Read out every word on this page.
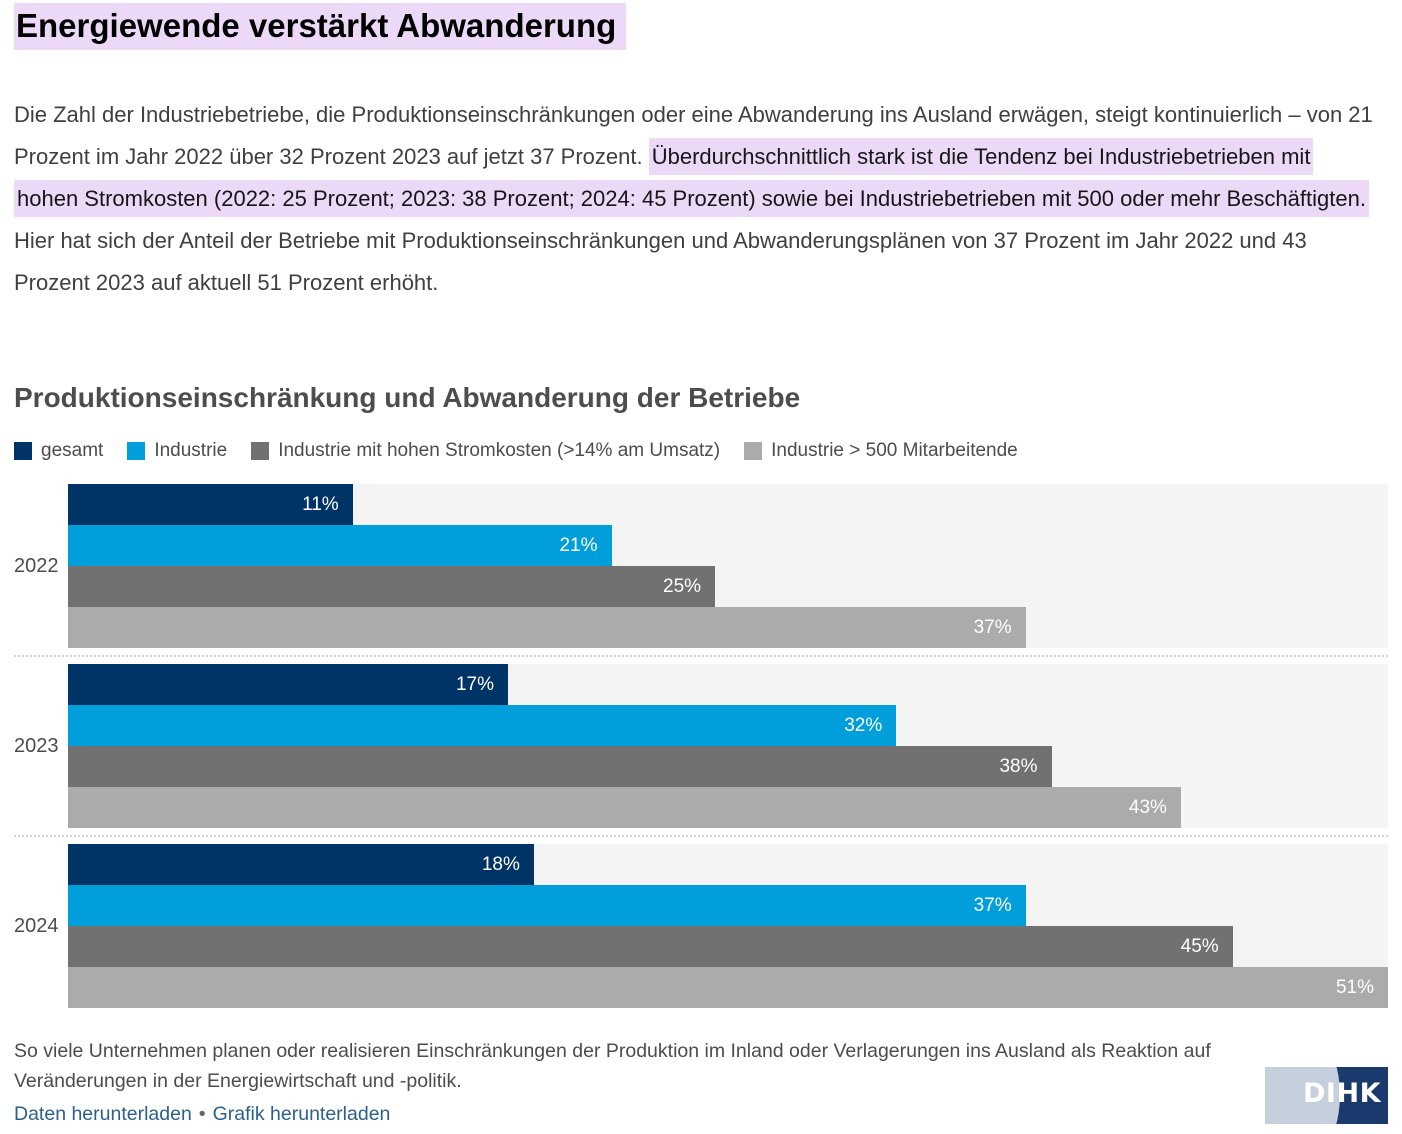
Energiewende verstärkt Abwanderung

Die Zahl der Industriebetriebe, die Produktionseinschränkungen oder eine Abwanderung ins Ausland erwägen, steigt kontinuierlich – von 21 Prozent im Jahr 2022 über 32 Prozent 2023 auf jetzt 37 Prozent. Überdurchschnittlich stark ist die Tendenz bei Industriebetrieben mit hohen Stromkosten (2022: 25 Prozent; 2023: 38 Prozent; 2024: 45 Prozent) sowie bei Industriebetrieben mit 500 oder mehr Beschäftigten. Hier hat sich der Anteil der Betriebe mit Produktionseinschränkungen und Abwanderungsplänen von 37 Prozent im Jahr 2022 und 43 Prozent 2023 auf aktuell 51 Prozent erhöht.

Produktionseinschränkung und Abwanderung der Betriebe
gesamt	Industrie	Industrie mit hohen Stromkosten (>14% am Umsatz)	Industrie > 500 Mitarbeitende
2022
11%
21%
25%
37%
2023
17%
32%
38%
43%
2024
18%
37%
45%
51%

So viele Unternehmen planen oder realisieren Einschränkungen der Produktion im Inland oder Verlagerungen ins Ausland als Reaktion auf Veränderungen in der Energiewirtschaft und -politik.

Daten herunterladen • Grafik herunterladen

DIHK
